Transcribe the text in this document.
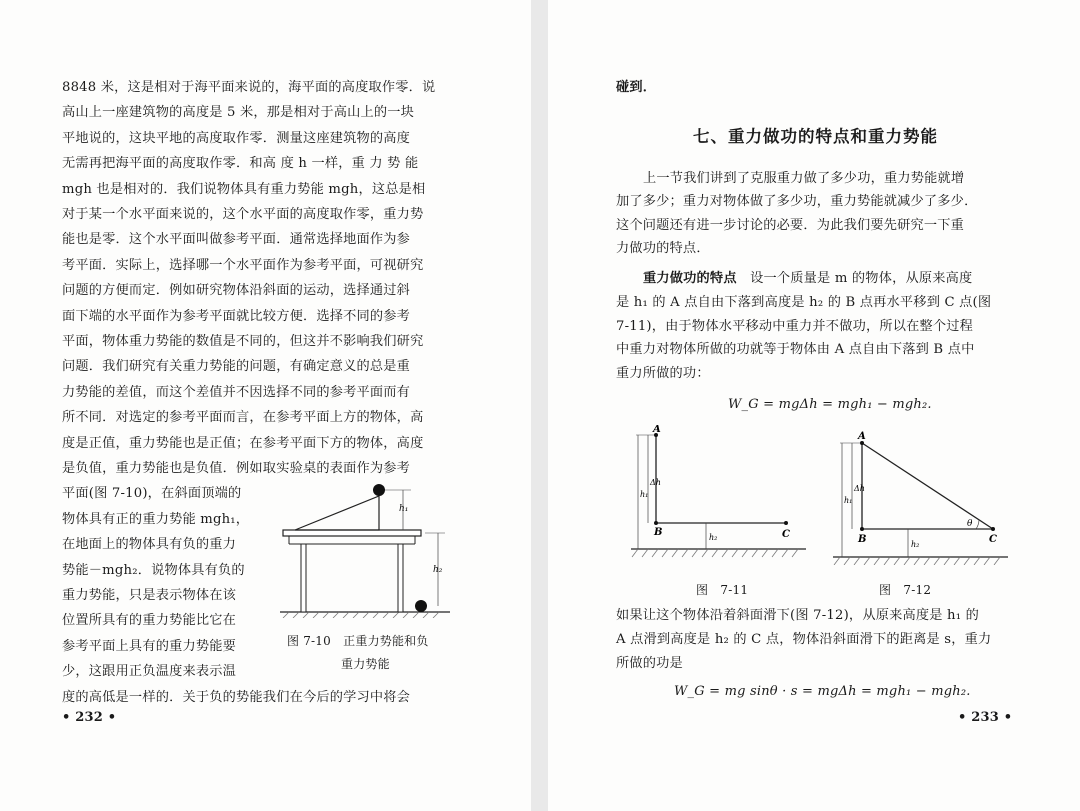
8848 米，这是相对于海平面来说的，海平面的高度取作零．说
高山上一座建筑物的高度是 5 米，那是相对于高山上的一块
平地说的，这块平地的高度取作零．测量这座建筑物的高度
无需再把海平面的高度取作零．和高 度 h 一样，重 力 势 能
mgh 也是相对的．我们说物体具有重力势能 mgh，这总是相
对于某一个水平面来说的，这个水平面的高度取作零，重力势
能也是零．这个水平面叫做参考平面．通常选择地面作为参
考平面．实际上，选择哪一个水平面作为参考平面，可视研究
问题的方便而定．例如研究物体沿斜面的运动，选择通过斜
面下端的水平面作为参考平面就比较方便．选择不同的参考
平面，物体重力势能的数值是不同的，但这并不影响我们研究
问题．我们研究有关重力势能的问题，有确定意义的总是重
力势能的差值，而这个差值并不因选择不同的参考平面而有
所不同．对选定的参考平面而言，在参考平面上方的物体，高
度是正值，重力势能也是正值；在参考平面下方的物体，高度
是负值，重力势能也是负值．例如取实验桌的表面作为参考
平面(图 7-10)，在斜面顶端的
物体具有正的重力势能 mgh₁，
在地面上的物体具有负的重力
势能－mgh₂．说物体具有负的
重力势能，只是表示物体在该
位置所具有的重力势能比它在
参考平面上具有的重力势能要
少，这跟用正负温度来表示温
度的高低是一样的．关于负的势能我们在今后的学习中将会
h₁
h₂
图 7-10　正重力势能和负
重力势能
• 232 •
碰到．
七、重力做功的特点和重力势能
上一节我们讲到了克服重力做了多少功，重力势能就增
加了多少；重力对物体做了多少功，重力势能就减少了多少．
这个问题还有进一步讨论的必要．为此我们要先研究一下重
力做功的特点．
重力做功的特点　 设一个质量是 m 的物体，从原来高度
是 h₁ 的 A 点自由下落到高度是 h₂ 的 B 点再水平移到 C 点(图
7-11)，由于物体水平移动中重力并不做功，所以在整个过程
中重力对物体所做的功就等于物体由 A 点自由下落到 B 点中
重力所做的功：
W_G = mgΔh = mgh₁ − mgh₂.
A
B	C
Δh
h₁
h₂
A
B	C
Δh
h₁
h₂
θ
图　7-11	图　7-12
如果让这个物体沿着斜面滑下(图 7-12)，从原来高度是 h₁ 的
A 点滑到高度是 h₂ 的 C 点，物体沿斜面滑下的距离是 s，重力
所做的功是
W_G = mg sinθ · s = mgΔh = mgh₁ − mgh₂.
• 233 •
